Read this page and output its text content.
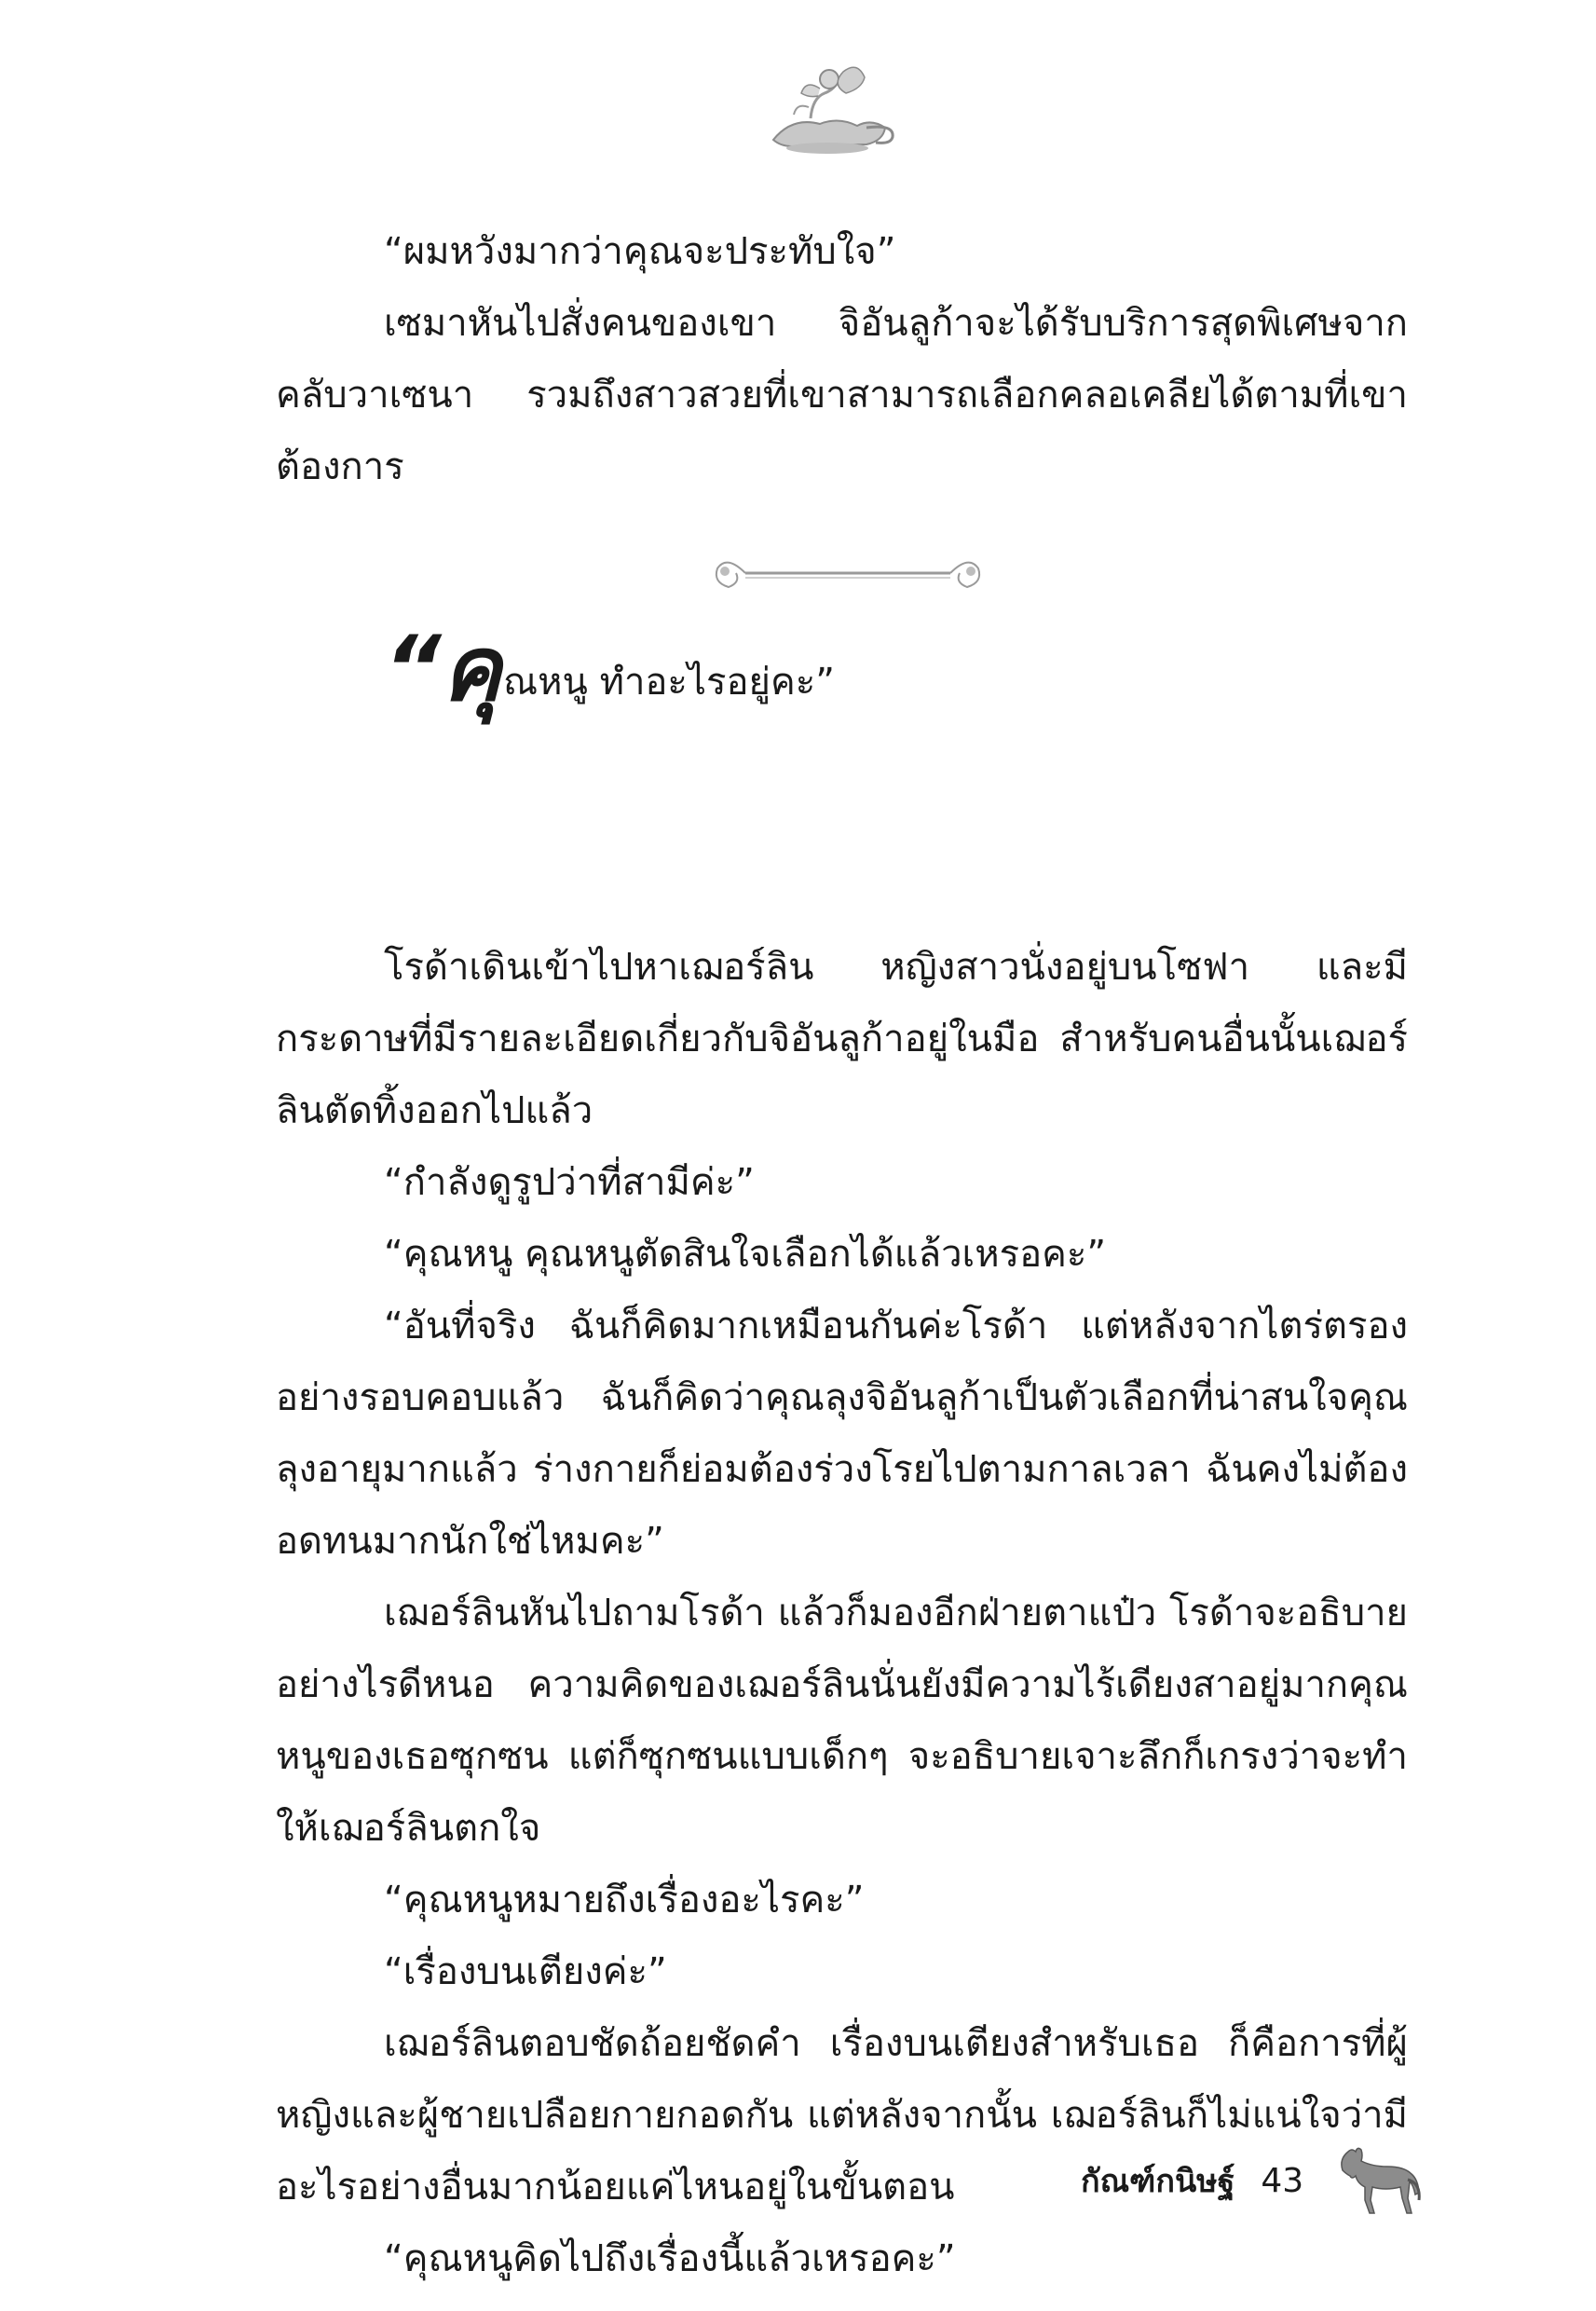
“ผมหวังมากว่าคุณจะประทับใจ”

เซมาหันไปสั่งคนของเขา จิอันลูก้าจะได้รับบริการสุดพิเศษจากคลับวาเซนา รวมถึงสาวสวยที่เขาสามารถเลือกคลอเคลียได้ตามที่เขาต้องการ

“คุณหนู ทำอะไรอยู่คะ”

โรด้าเดินเข้าไปหาเฌอร์ลิน หญิงสาวนั่งอยู่บนโซฟา และมีกระดาษที่มีรายละเอียดเกี่ยวกับจิอันลูก้าอยู่ในมือ สำหรับคนอื่นนั้นเฌอร์ลินตัดทิ้งออกไปแล้ว

“กำลังดูรูปว่าที่สามีค่ะ”

“คุณหนู คุณหนูตัดสินใจเลือกได้แล้วเหรอคะ”

“อันที่จริง ฉันก็คิดมากเหมือนกันค่ะโรด้า แต่หลังจากไตร่ตรองอย่างรอบคอบแล้ว ฉันก็คิดว่าคุณลุงจิอันลูก้าเป็นตัวเลือกที่น่าสนใจคุณลุงอายุมากแล้ว ร่างกายก็ย่อมต้องร่วงโรยไปตามกาลเวลา ฉันคงไม่ต้องอดทนมากนักใช่ไหมคะ”

เฌอร์ลินหันไปถามโรด้า แล้วก็มองอีกฝ่ายตาแป๋ว โรด้าจะอธิบายอย่างไรดีหนอ ความคิดของเฌอร์ลินนั่นยังมีความไร้เดียงสาอยู่มากคุณหนูของเธอซุกซน แต่ก็ซุกซนแบบเด็กๆ จะอธิบายเจาะลึกก็เกรงว่าจะทำให้เฌอร์ลินตกใจ

“คุณหนูหมายถึงเรื่องอะไรคะ”

“เรื่องบนเตียงค่ะ”

เฌอร์ลินตอบชัดถ้อยชัดคำ เรื่องบนเตียงสำหรับเธอ ก็คือการที่ผู้หญิงและผู้ชายเปลือยกายกอดกัน แต่หลังจากนั้น เฌอร์ลินก็ไม่แน่ใจว่ามีอะไรอย่างอื่นมากน้อยแค่ไหนอยู่ในขั้นตอน

“คุณหนูคิดไปถึงเรื่องนี้แล้วเหรอคะ”

กัณฑ์กนิษฐ์ 43
